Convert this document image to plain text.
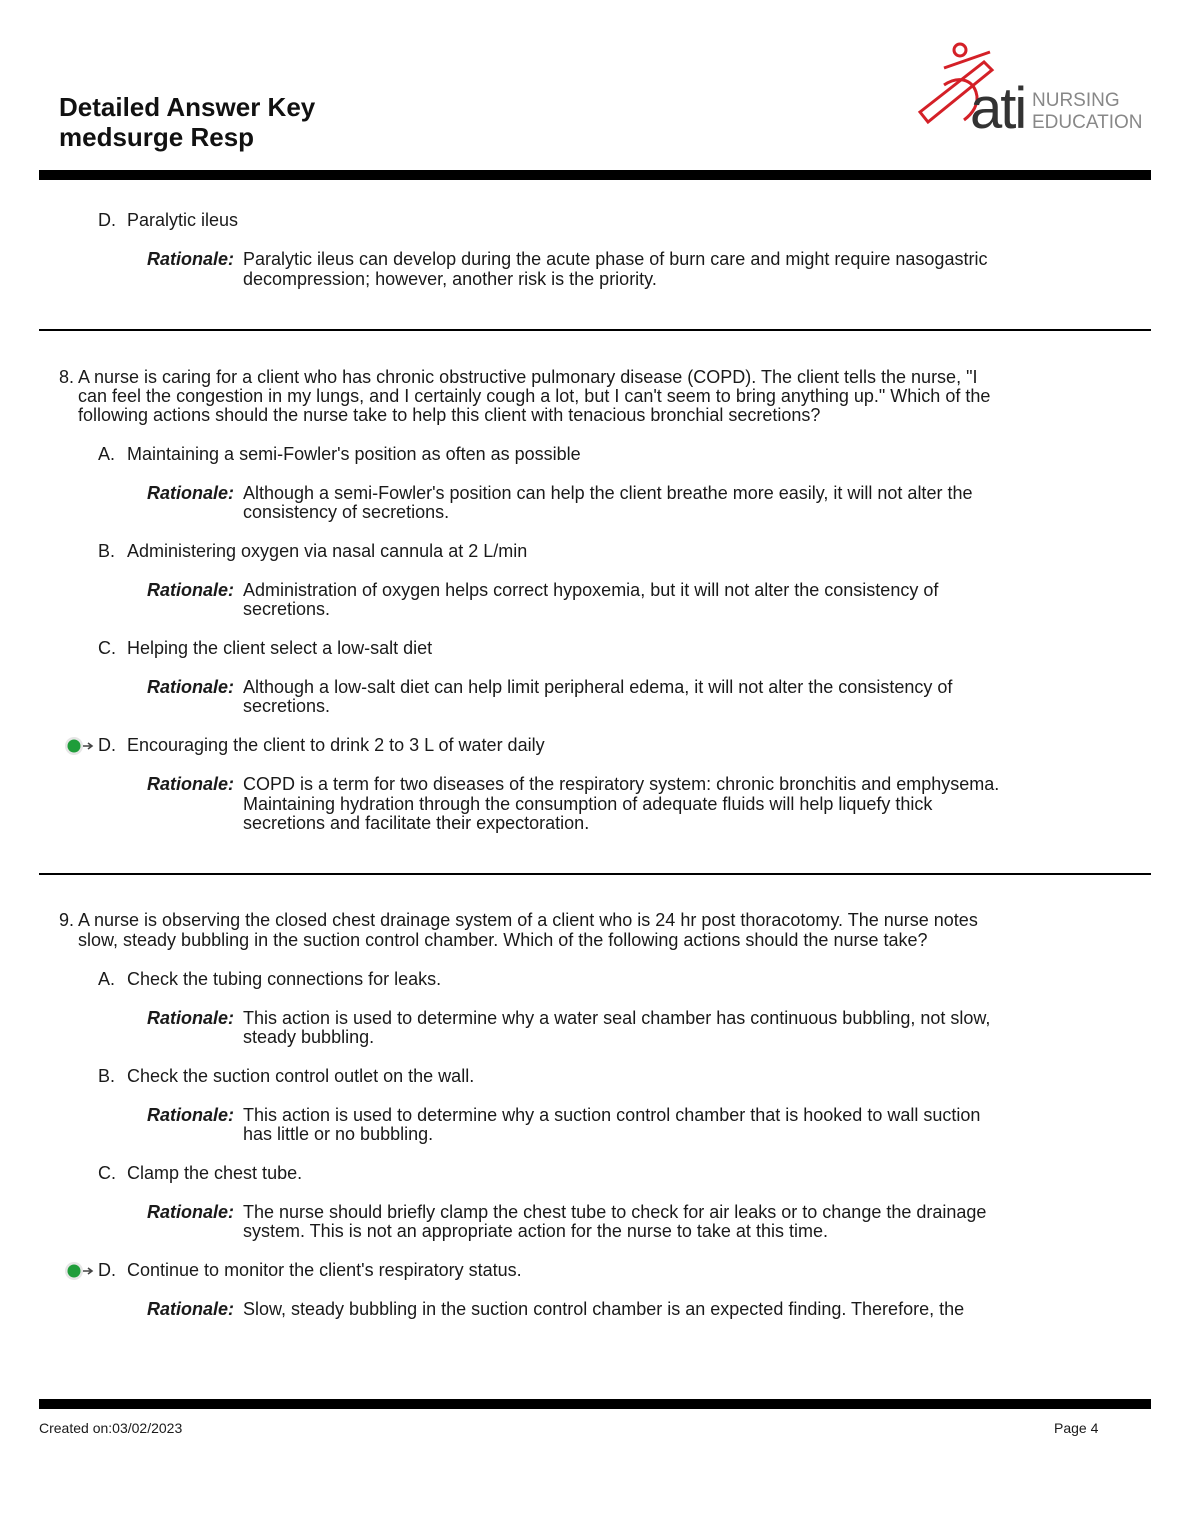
Detailed Answer Key
medsurge Resp	ati NURSING
EDUCATION
D. Paralytic ileus
Rationale: Paralytic ileus can develop during the acute phase of burn care and might require nasogastric
decompression; however, another risk is the priority.
8. A nurse is caring for a client who has chronic obstructive pulmonary disease (COPD). The client tells the nurse, "I
can feel the congestion in my lungs, and I certainly cough a lot, but I can't seem to bring anything up." Which of the
following actions should the nurse take to help this client with tenacious bronchial secretions?
A. Maintaining a semi-Fowler's position as often as possible
Rationale: Although a semi-Fowler's position can help the client breathe more easily, it will not alter the
consistency of secretions.
B. Administering oxygen via nasal cannula at 2 L/min
Rationale: Administration of oxygen helps correct hypoxemia, but it will not alter the consistency of
secretions.
C. Helping the client select a low-salt diet
Rationale: Although a low-salt diet can help limit peripheral edema, it will not alter the consistency of
secretions.
D. Encouraging the client to drink 2 to 3 L of water daily
Rationale: COPD is a term for two diseases of the respiratory system: chronic bronchitis and emphysema.
Maintaining hydration through the consumption of adequate fluids will help liquefy thick
secretions and facilitate their expectoration.
9. A nurse is observing the closed chest drainage system of a client who is 24 hr post thoracotomy. The nurse notes
slow, steady bubbling in the suction control chamber. Which of the following actions should the nurse take?
A. Check the tubing connections for leaks.
Rationale: This action is used to determine why a water seal chamber has continuous bubbling, not slow,
steady bubbling.
B. Check the suction control outlet on the wall.
Rationale: This action is used to determine why a suction control chamber that is hooked to wall suction
has little or no bubbling.
C. Clamp the chest tube.
Rationale: The nurse should briefly clamp the chest tube to check for air leaks or to change the drainage
system. This is not an appropriate action for the nurse to take at this time.
D. Continue to monitor the client's respiratory status.
Rationale: Slow, steady bubbling in the suction control chamber is an expected finding. Therefore, the
Created on:03/02/2023	Page 4
